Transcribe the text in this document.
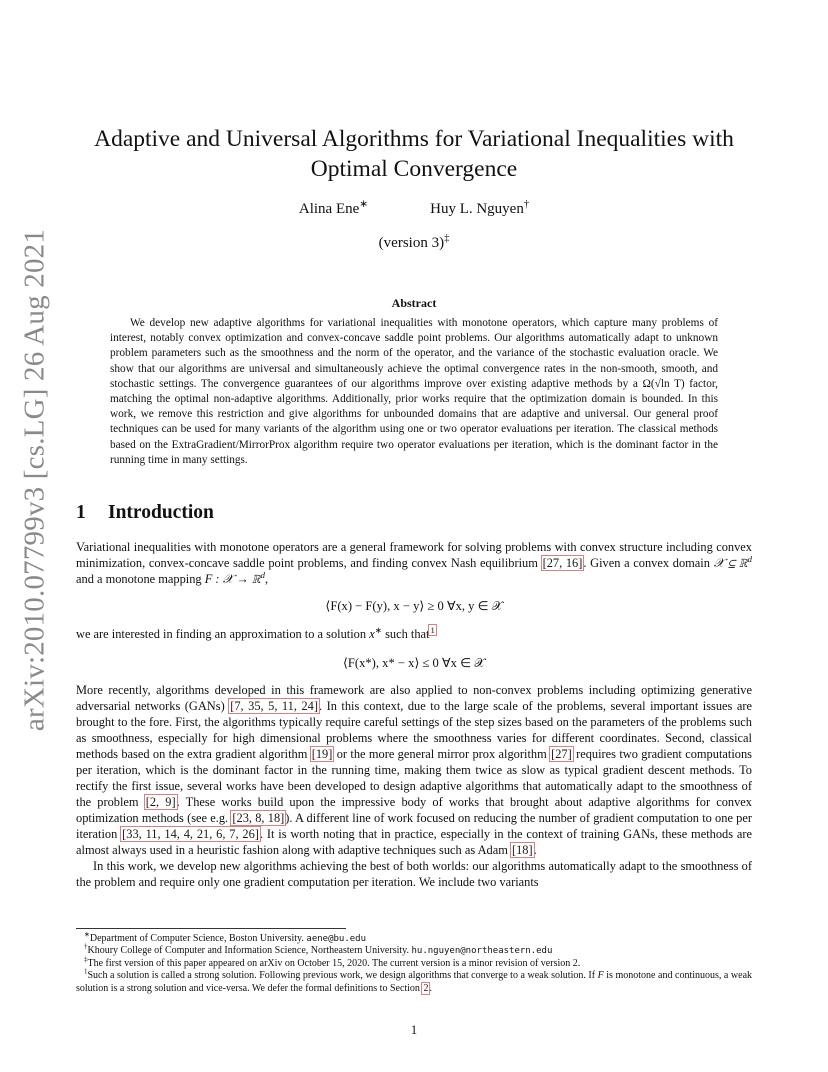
arXiv:2010.07799v3 [cs.LG] 26 Aug 2021
Adaptive and Universal Algorithms for Variational Inequalities with Optimal Convergence
Alina Ene∗	Huy L. Nguyen†
(version 3)‡
Abstract

We develop new adaptive algorithms for variational inequalities with monotone operators, which capture many problems of interest, notably convex optimization and convex-concave saddle point problems. Our algorithms automatically adapt to unknown problem parameters such as the smoothness and the norm of the operator, and the variance of the stochastic evaluation oracle. We show that our algorithms are universal and simultaneously achieve the optimal convergence rates in the non-smooth, smooth, and stochastic settings. The convergence guarantees of our algorithms improve over existing adaptive methods by a Ω(√ln T) factor, matching the optimal non-adaptive algorithms. Additionally, prior works require that the optimization domain is bounded. In this work, we remove this restriction and give algorithms for unbounded domains that are adaptive and universal. Our general proof techniques can be used for many variants of the algorithm using one or two operator evaluations per iteration. The classical methods based on the ExtraGradient/MirrorProx algorithm require two operator evaluations per iteration, which is the dominant factor in the running time in many settings.

1 Introduction

Variational inequalities with monotone operators are a general framework for solving problems with convex structure including convex minimization, convex-concave saddle point problems, and finding convex Nash equilibrium [27, 16]. Given a convex domain 𝒳 ⊆ ℝ$^d$ and a monotone mapping F : 𝒳 → ℝ$^d$,

⟨F(x) − F(y), x − y⟩ ≥ 0 ∀x, y ∈ 𝒳

we are interested in finding an approximation to a solution x∗ such that$^1$

⟨F(x*), x* − x⟩ ≤ 0 ∀x ∈ 𝒳

More recently, algorithms developed in this framework are also applied to non-convex problems including optimizing generative adversarial networks (GANs) [7, 35, 5, 11, 24]. In this context, due to the large scale of the problems, several important issues are brought to the fore. First, the algorithms typically require careful settings of the step sizes based on the parameters of the problems such as smoothness, especially for high dimensional problems where the smoothness varies for different coordinates. Second, classical methods based on the extra gradient algorithm [19] or the more general mirror prox algorithm [27] requires two gradient computations per iteration, which is the dominant factor in the running time, making them twice as slow as typical gradient descent methods. To rectify the first issue, several works have been developed to design adaptive algorithms that automatically adapt to the smoothness of the problem [2, 9]. These works build upon the impressive body of works that brought about adaptive algorithms for convex optimization methods (see e.g. [23, 8, 18]). A different line of work focused on reducing the number of gradient computation to one per iteration [33, 11, 14, 4, 21, 6, 7, 26]. It is worth noting that in practice, especially in the context of training GANs, these methods are almost always used in a heuristic fashion along with adaptive techniques such as Adam [18].

In this work, we develop new algorithms achieving the best of both worlds: our algorithms automatically adapt to the smoothness of the problem and require only one gradient computation per iteration. We include two variants

∗Department of Computer Science, Boston University. aene@bu.edu

†Khoury College of Computer and Information Science, Northeastern University. hu.nguyen@northeastern.edu

‡The first version of this paper appeared on arXiv on October 15, 2020. The current version is a minor revision of version 2.

$^1$Such a solution is called a strong solution. Following previous work, we design algorithms that converge to a weak solution. If F is monotone and continuous, a weak solution is a strong solution and vice-versa. We defer the formal definitions to Section 2.

1
